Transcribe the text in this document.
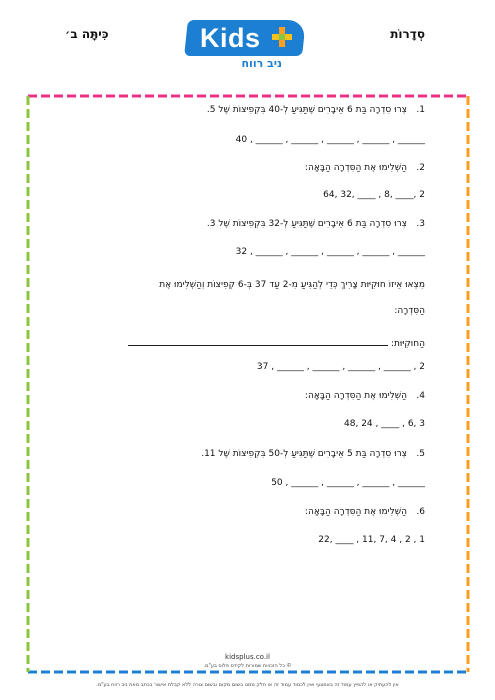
סְדָרוֹת
כִּיתָּה ב׳	Kids
ניב רווח
1.צְרוּ סִדְרָה בַּת 6 אֵיבָרִים שֶׁתַּגִּיעַ לְ-40 בִּקְפִיצוֹת שֶׁל 5.
40 , ______ , ______ , ______ , ______ , ______
2.הַשְׁלִימוּ אֶת הַסִּדְרָה הַבָּאָה:
64, 32, ____ , 8, ____, 2
3.צְרוּ סִדְרָה בַּת 6 אֵיבָרִים שֶׁתַּגִּיעַ לְ-32 בִּקְפִיצוֹת שֶׁל 3.
32 , ______ , ______ , ______ , ______ , ______
מִצְאוּ אֵיזוֹ חוּקִיּוּת צָרִיךְ כְּדֵי לְהַגִּיעַ מִ-2 עַד 37 בְּ-6 קְפִיצוֹת וְהַשְׁלִימוּ אֶת
הַסִּדְרָה:
הַחוּקִיּוּת:
37 , ______ , ______ , ______ , ______ , 2
4.הַשְׁלִימוּ אֶת הַסִּדְרָה הַבָּאָה:
48, 24 , ____ , 6, 3
5.צְרוּ סִדְרָה בַּת 5 אֵיבָרִים שֶׁתַּגִּיעַ לְ-50 בִּקְפִיצוֹת שֶׁל 11.
50 , ______ , ______ , ______ , ______
6.הַשְׁלִימוּ אֶת הַסִּדְרָה הַבָּאָה:
22, ____ , 11, 7, 4 , 2 , 1
kidsplus.co.il
© כל הזכויות שמורות לקידס פלוס בע"מ.
אין להעתיק או להפיץ עמוד זה באמצעי ואין לכמוד עמוד זה או חלק ממנו בשום מקום ובשום צורה ללא קבלת אישור בכתב מאת ניב רווח בע"מ.
